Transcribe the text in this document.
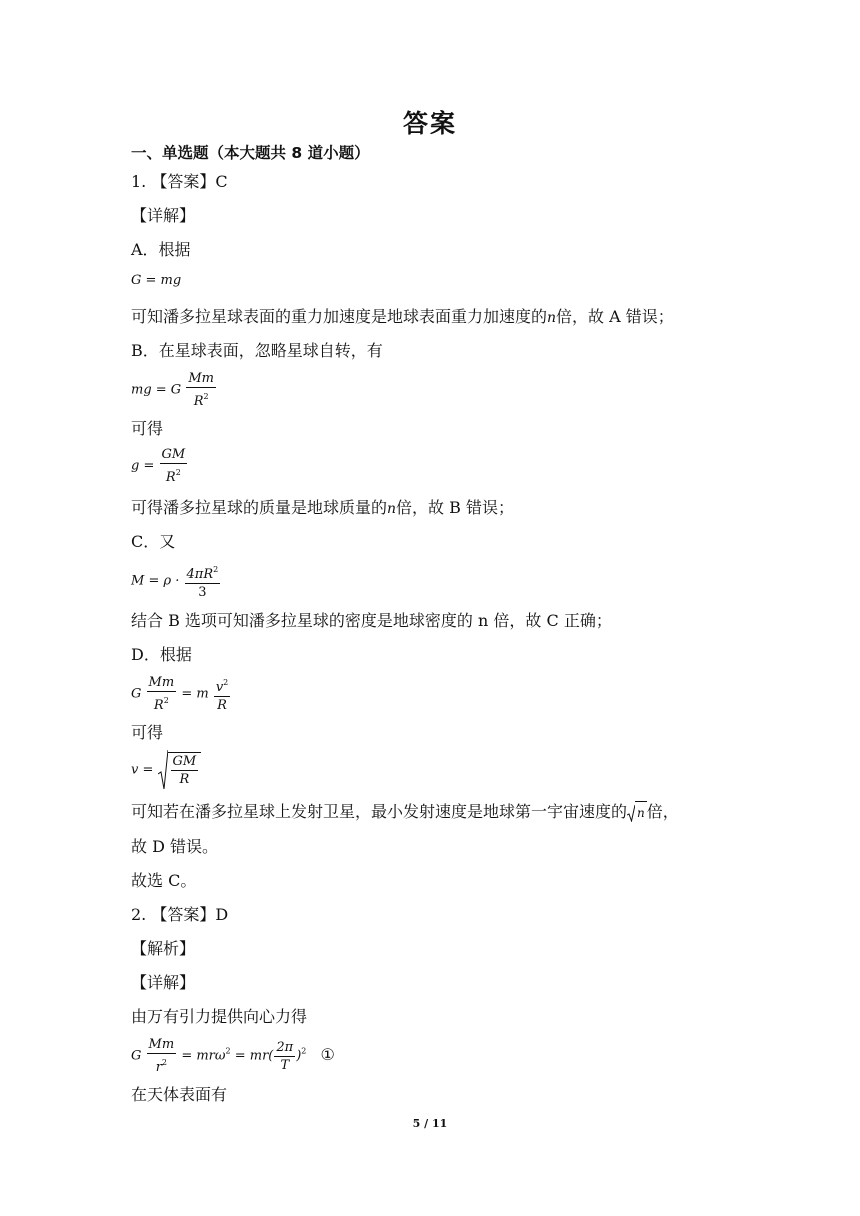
答案
一、单选题（本大题共 8 道小题）
1. 【答案】C
【详解】
A．根据
G = mg
可知潘多拉星球表面的重力加速度是地球表面重力加速度的n倍，故 A 错误；
B．在星球表面，忽略星球自转，有
mg = G $\frac{Mm}{R^2}$
可得
$g = \frac{GM}{R^2}$
可得潘多拉星球的质量是地球质量的n倍，故 B 错误；
C．又
$M = \rho \cdot \frac{4\pi R^2}{3}$
结合 B 选项可知潘多拉星球的密度是地球密度的 n 倍，故 C 正确；
D．根据
G $\frac{Mm}{R^2} = m \frac{v^2}{R}$
可得
$v = \frac{GM}{R}$
可知若在潘多拉星球上发射卫星，最小发射速度是地球第一宇宙速度的 n 倍，
故 D 错误。
故选 C。
2. 【答案】D
【解析】
【详解】
由万有引力提供向心力得
G $\frac{Mm}{r^2} = mr\omega^2 = mr( \frac{2\pi}{T} )^2$ ①
在天体表面有
5 / 11
